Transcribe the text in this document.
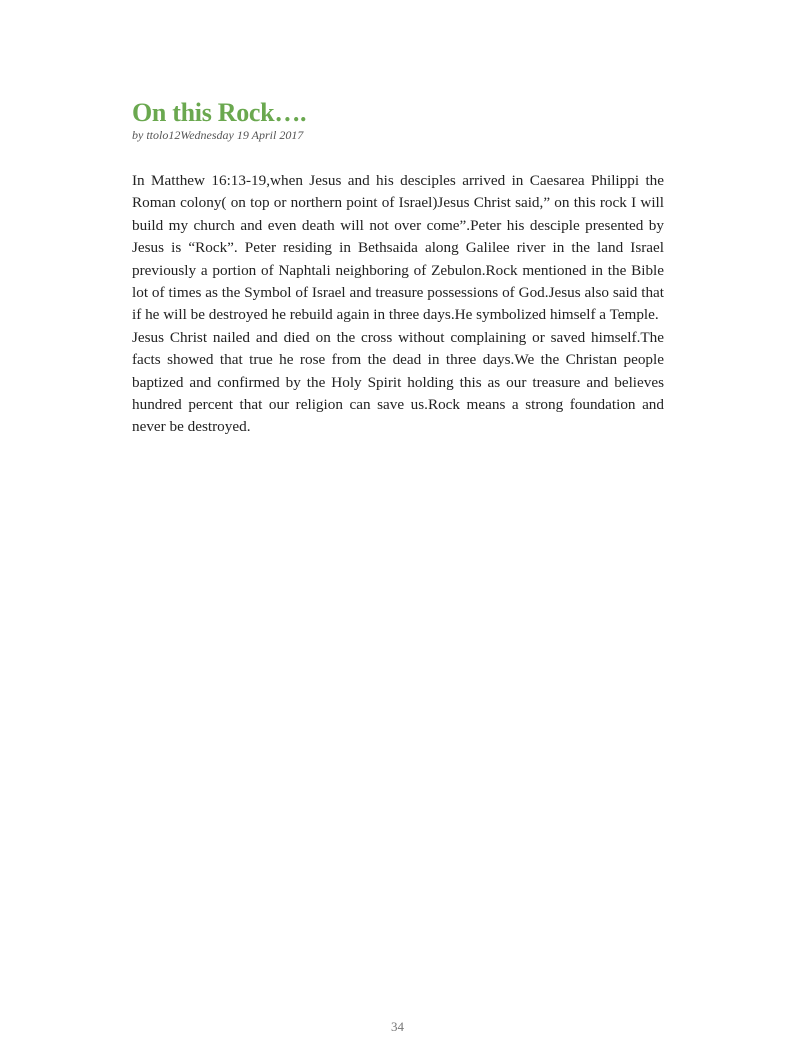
On this Rock….
by ttolo12Wednesday 19 April 2017

In Matthew 16:13-19,when Jesus and his desciples arrived in Caesarea Philippi the Roman colony( on top or northern point of Israel)Jesus Christ said,” on this rock I will build my church and even death will not over come”.Peter his desciple presented by Jesus is “Rock”. Peter residing in Bethsaida along Galilee river in the land Israel previously a portion of Naphtali neighboring of Zebulon.Rock mentioned in the Bible lot of times as the Symbol of Israel and treasure possessions of God.Jesus also said that if he will be destroyed he rebuild again in three days.He symbolized himself a Temple.

Jesus Christ nailed and died on the cross without complaining or saved himself.The facts showed that true he rose from the dead in three days.We the Christan people baptized and confirmed by the Holy Spirit holding this as our treasure and believes hundred percent that our religion can save us.Rock means a strong foundation and never be destroyed.

34
